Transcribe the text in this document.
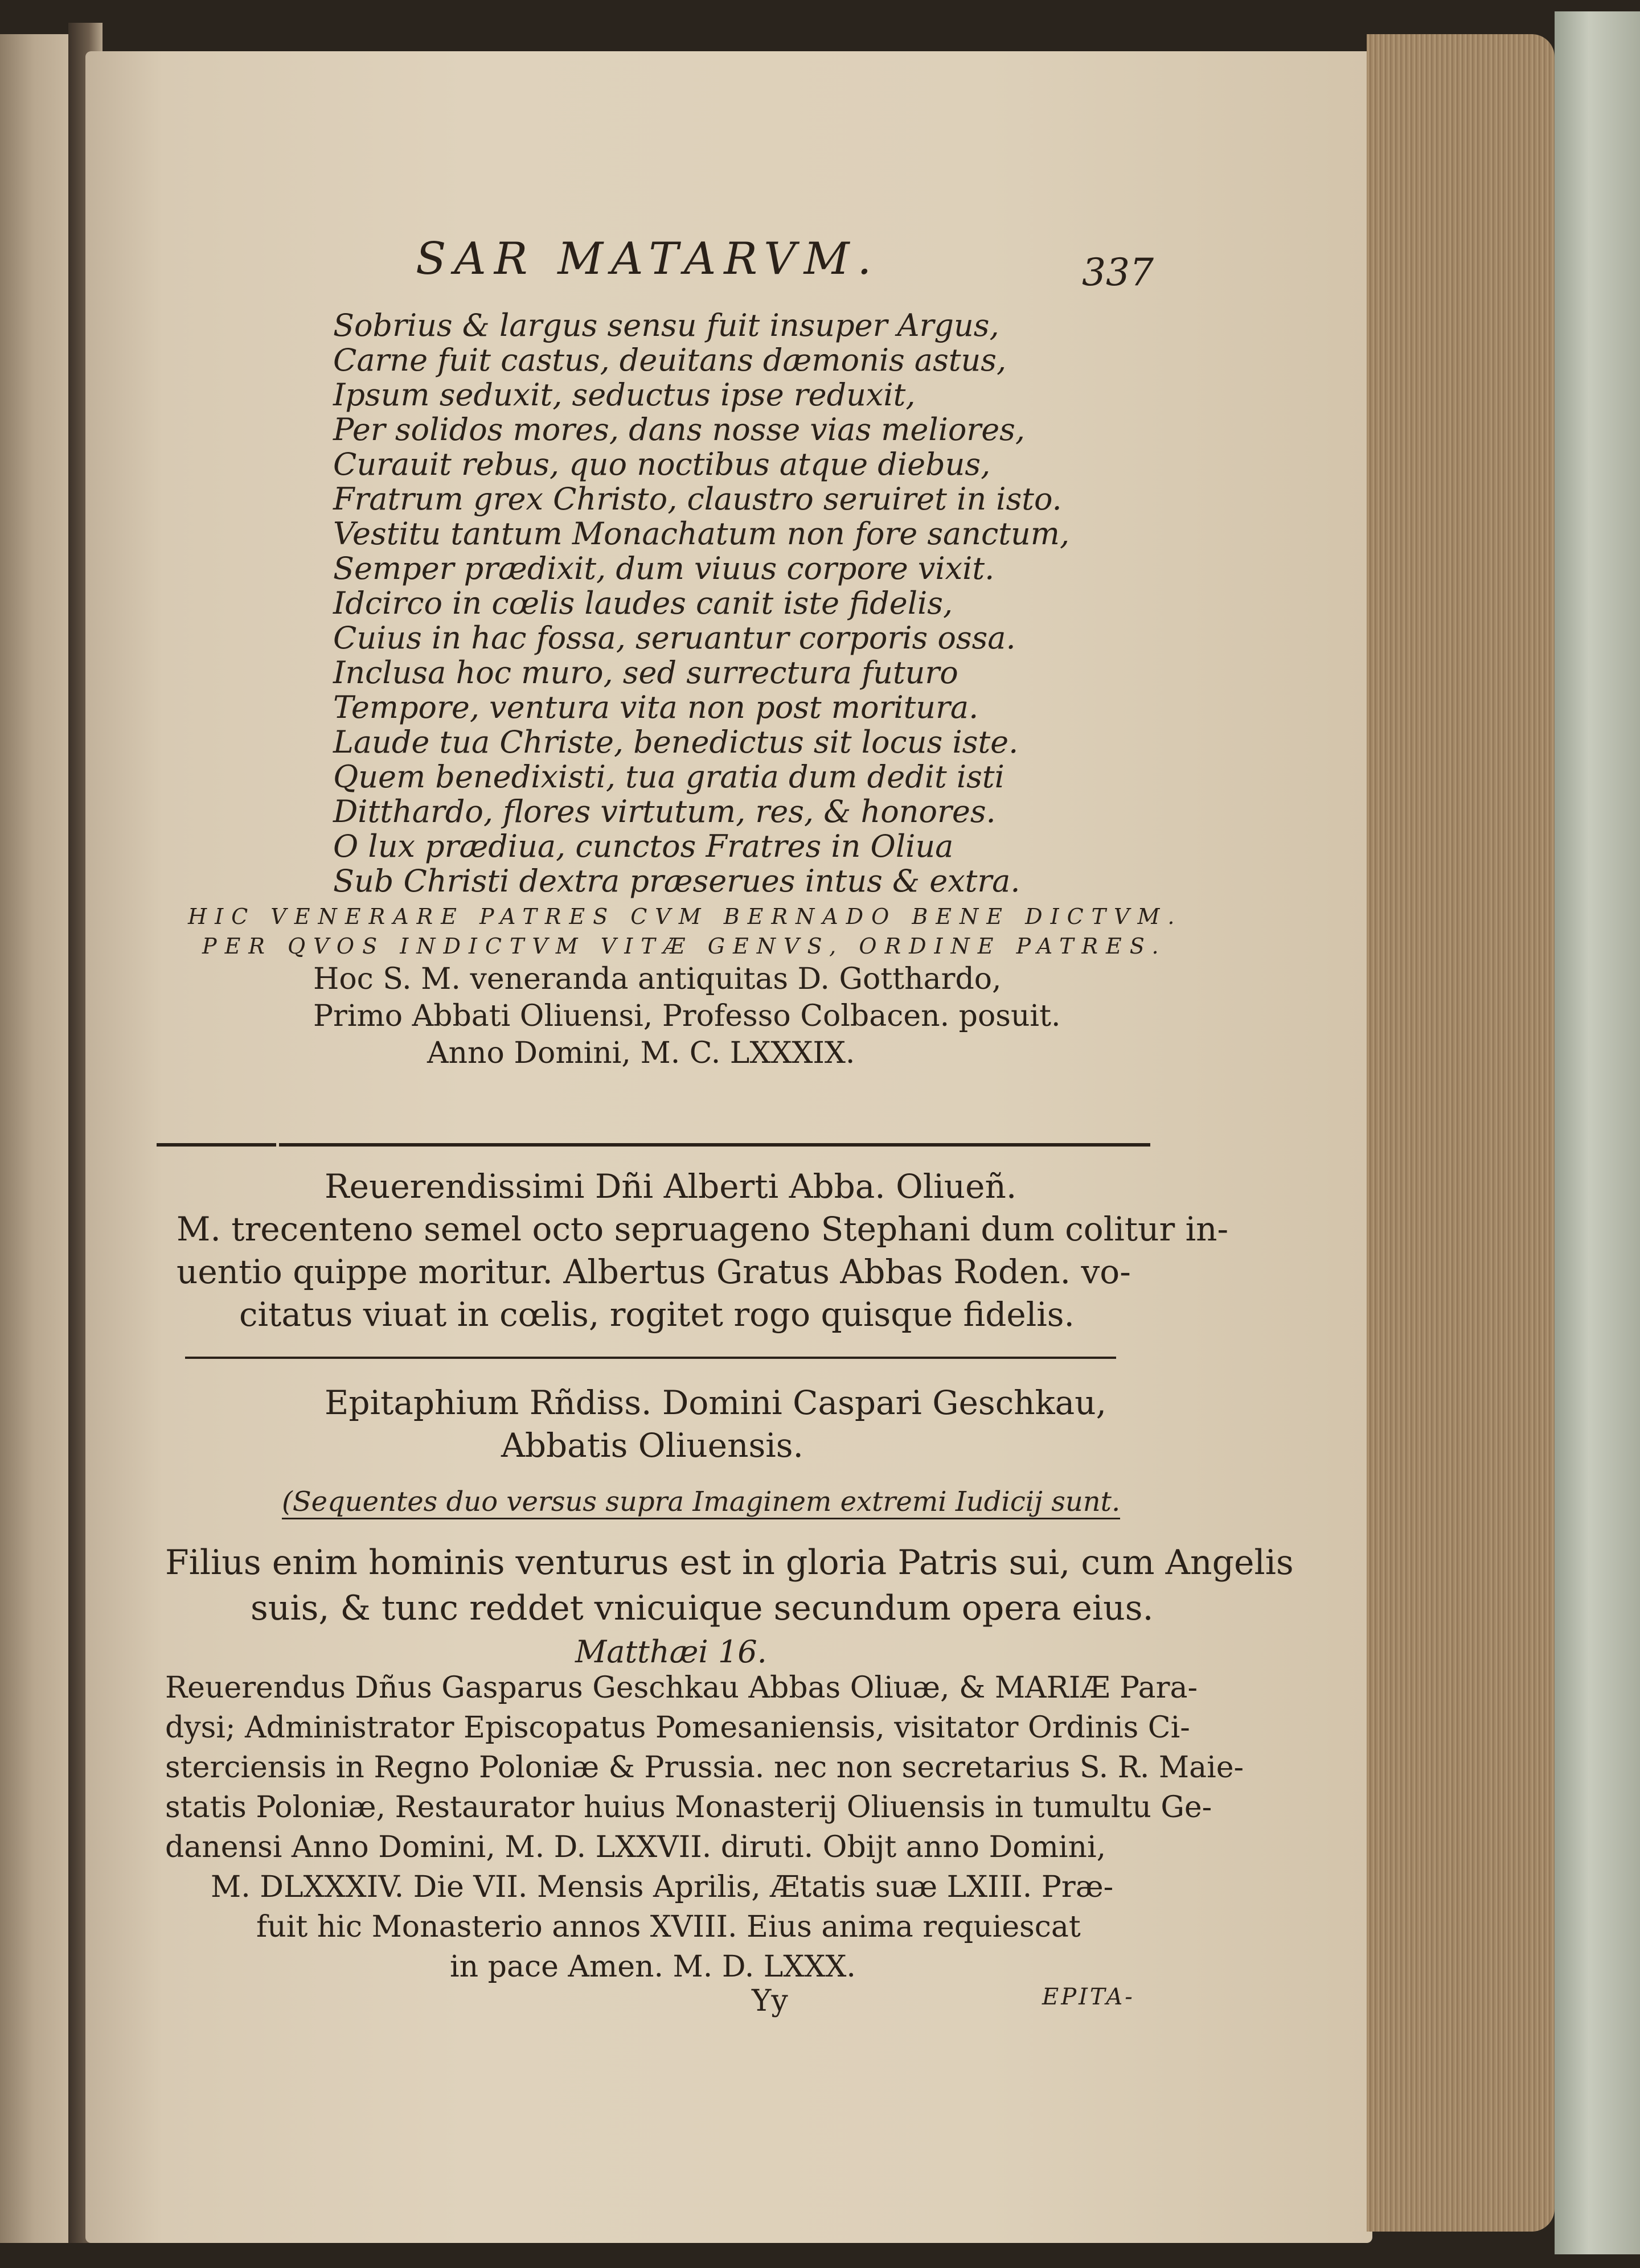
SAR MATARVM.	337
Sobrius & largus sensu fuit insuper Argus,
Carne fuit castus, deuitans dæmonis astus,
Ipsum seduxit, seductus ipse reduxit,
Per solidos mores, dans nosse vias meliores,
Curauit rebus, quo noctibus atque diebus,
Fratrum grex Christo, claustro seruiret in isto.
Vestitu tantum Monachatum non fore sanctum,
Semper prædixit, dum viuus corpore vixit.
Idcirco in cœlis laudes canit iste fidelis,
Cuius in hac fossa, seruantur corporis ossa.
Inclusa hoc muro, sed surrectura futuro
Tempore, ventura vita non post moritura.
Laude tua Christe, benedictus sit locus iste.
Quem benedixisti, tua gratia dum dedit isti
Ditthardo, flores virtutum, res, & honores.
O lux prædiua, cunctos Fratres in Oliua
Sub Christi dextra præserues intus & extra.
HIC VENERARE PATRES CVM BERNADO BENE DICTVM.
PER QVOS INDICTVM VITÆ GENVS, ORDINE PATRES.
Hoc S. M. veneranda antiquitas D. Gotthardo,
Primo Abbati Oliuensi, Professo Colbacen. posuit.
Anno Domini, M. C. LXXXIX.
Reuerendissimi Dñi Alberti Abba. Oliueñ.
M. trecenteno semel octo sepruageno Stephani dum colitur in-
uentio quippe moritur. Albertus Gratus Abbas Roden. vo-
citatus viuat in cœlis, rogitet rogo quisque fidelis.
Epitaphium Rñdiss. Domini Caspari Geschkau,
Abbatis Oliuensis.
(Sequentes duo versus supra Imaginem extremi Iudicij sunt.
Filius enim hominis venturus est in gloria Patris sui, cum Angelis
suis, & tunc reddet vnicuique secundum opera eius.
Matthæi 16.
Reuerendus Dñus Gasparus Geschkau Abbas Oliuæ, & MARIÆ Para-
dysi; Administrator Episcopatus Pomesaniensis, visitator Ordinis Ci-
sterciensis in Regno Poloniæ & Prussia. nec non secretarius S. R. Maie-
statis Poloniæ, Restaurator huius Monasterij Oliuensis in tumultu Ge-
danensi Anno Domini, M. D. LXXVII. diruti. Obijt anno Domini,
M. DLXXXIV. Die VII. Mensis Aprilis, Ætatis suæ LXIII. Præ-
fuit hic Monasterio annos XVIII. Eius anima requiescat
in pace Amen. M. D. LXXX.
Yy	EPITA-
